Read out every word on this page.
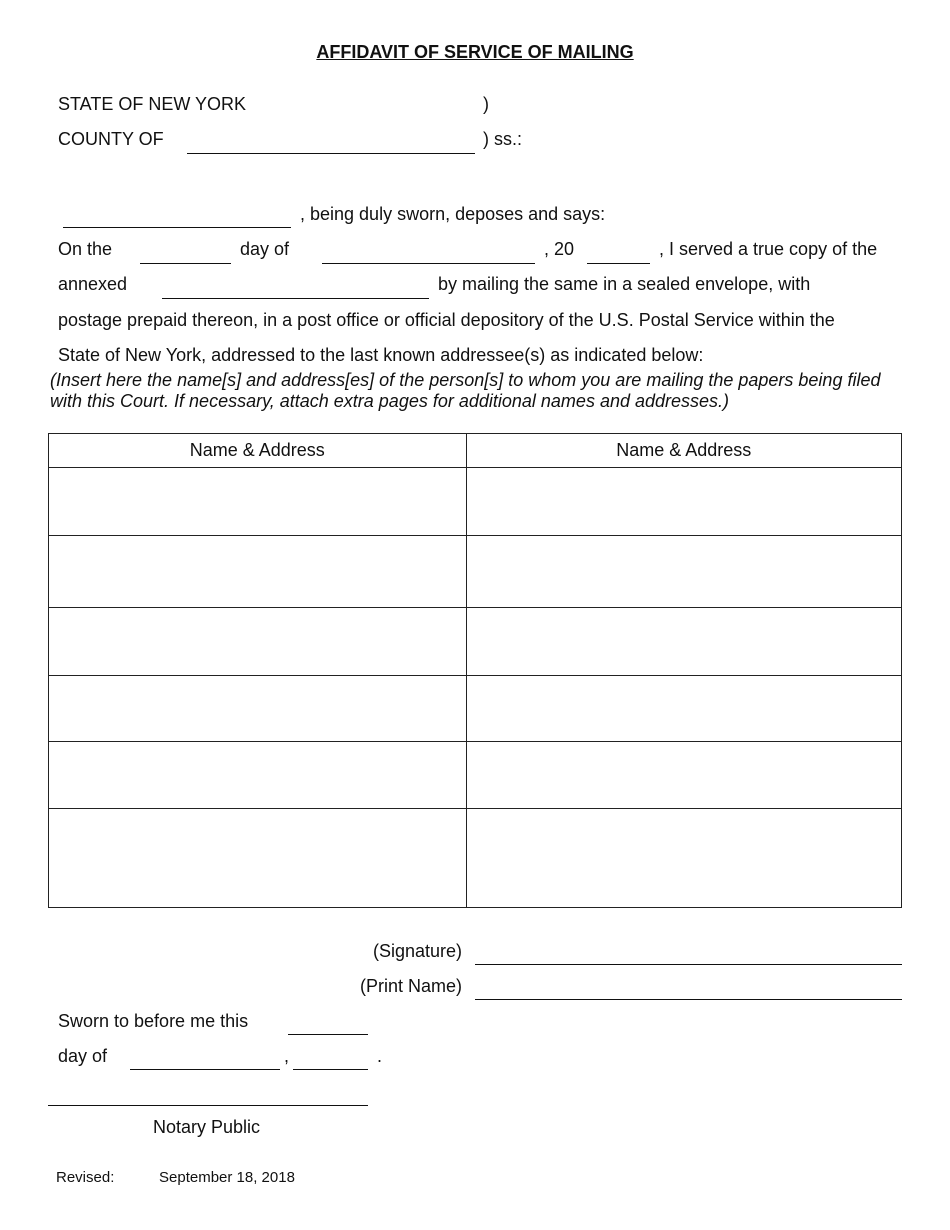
AFFIDAVIT OF SERVICE OF MAILING
STATE OF NEW YORK	)
COUNTY OF	) ss.:
, being duly sworn, deposes and says:
On the	day of	, 20	, I served a true copy of the
annexed	by mailing the same in a sealed envelope, with
postage prepaid thereon, in a post office or official depository of the U.S. Postal Service within the
State of New York, addressed to the last known addressee(s) as indicated below:
(Insert here the name[s] and address[es] of the person[s] to whom you are mailing the papers being filed with this Court. If necessary, attach extra pages for additional names and addresses.)
Name & Address	Name & Address

(Signature)
(Print Name)
Sworn to before me this
day of	,	.
Notary Public
Revised:	September 18, 2018
